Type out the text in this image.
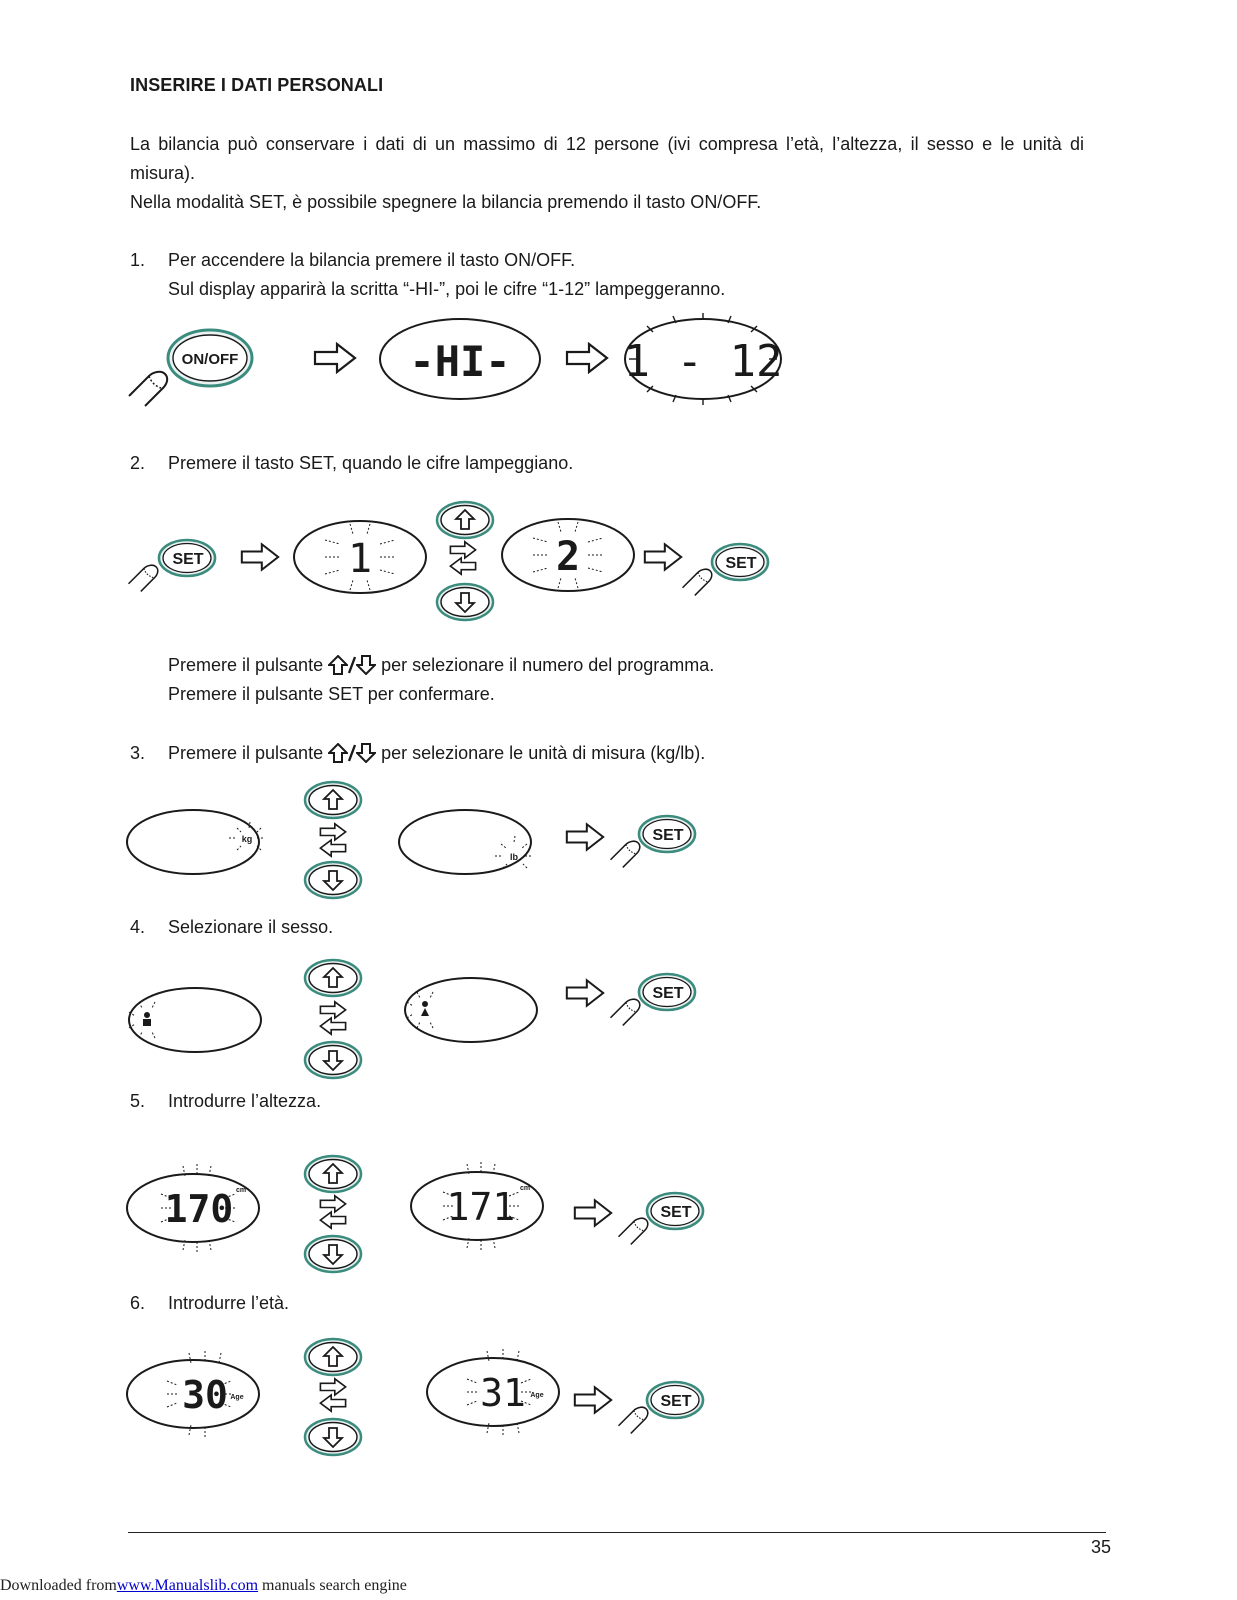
INSERIRE I DATI PERSONALI
La bilancia può conservare i dati di un massimo di 12 persone (ivi compresa l’età, l’altezza, il sesso e le unità di misura).
Nella modalità SET, è possibile spegnere la bilancia premendo il tasto ON/OFF.
1. Per accendere la bilancia premere il tasto ON/OFF.
Sul display apparirà la scritta “-HI-”, poi le cifre “1-12” lampeggeranno.
ON/OFF	-HI-	1 - 12
2. Premere il tasto SET, quando le cifre lampeggiano.
SET	1	2	SET
Premere il pulsante	per selezionare il numero del programma.
Premere il pulsante SET per confermare.
3. Premere il pulsante	per selezionare le unità di misura (kg/lb).
kg
lb
SET
4. Selezionare il sesso.
SET
5. Introdurre l’altezza.
170 cm	171 cm
SET
6. Introdurre l’età.
30 Age	31 Age	SET
35
Downloaded fromwww.Manualslib.com manuals search engine
